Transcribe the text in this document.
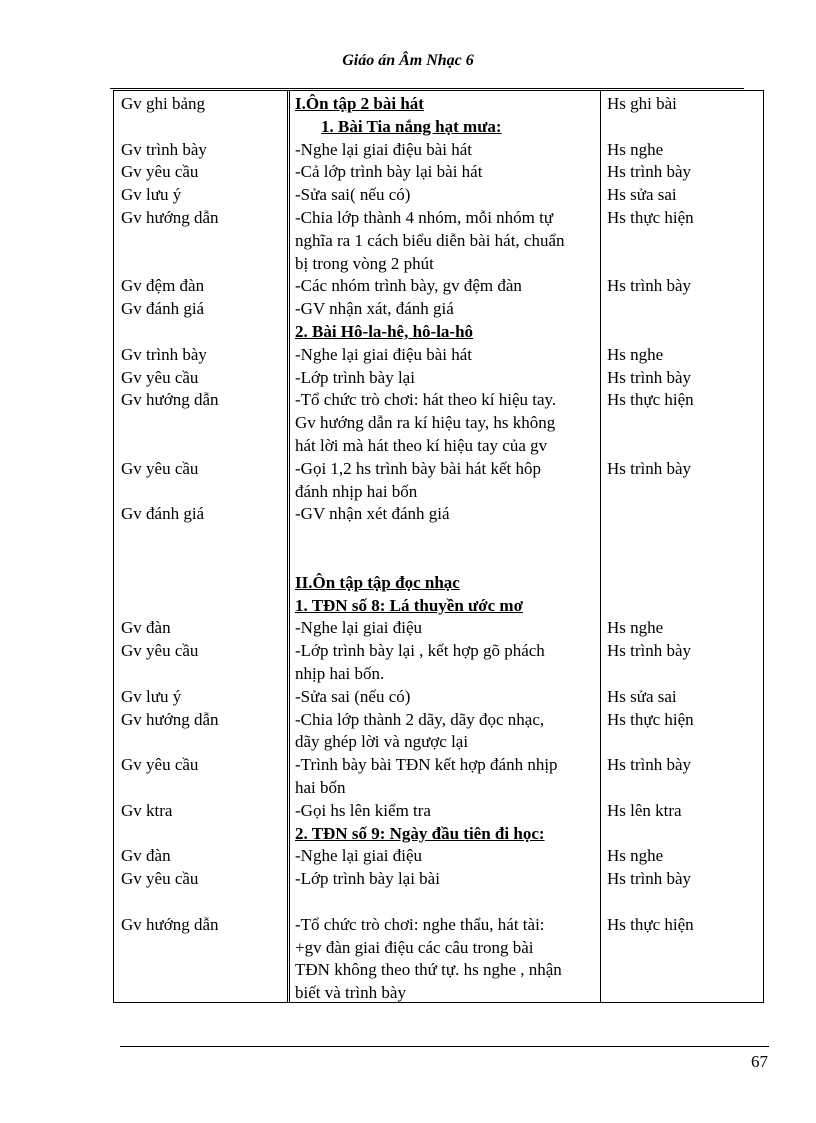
Giáo án Âm Nhạc 6
Gv ghi bảng	I.Ôn tập 2 bài hát	Hs ghi bài
1. Bài Tia nắng hạt mưa:
Gv trình bày	-Nghe lại giai điệu bài hát	Hs nghe
Gv yêu cầu	-Cả lớp trình bày lại bài hát	Hs trình bày
Gv lưu ý	-Sửa sai( nếu có)	Hs sửa sai
Gv hướng dẫn	-Chia lớp thành 4 nhóm, mỗi nhóm tự	Hs thực hiện
nghĩa ra 1 cách biểu diễn bài hát, chuẩn
bị trong vòng 2 phút
Gv đệm đàn	-Các nhóm trình bày, gv đệm đàn	Hs trình bày
Gv đánh giá	-GV nhận xát, đánh giá
2. Bài Hô-la-hê, hô-la-hô
Gv trình bày	-Nghe lại giai điệu bài hát	Hs nghe
Gv yêu cầu	-Lớp trình bày lại	Hs trình bày
Gv hướng dẫn	-Tổ chức trò chơi: hát theo kí hiệu tay.	Hs thực hiện
Gv hướng dẫn ra kí hiệu tay, hs không
hát lời mà hát theo kí hiệu tay của gv
Gv yêu cầu	-Gọi 1,2 hs trình bày bài hát kết hôp	Hs trình bày
đánh nhịp hai bốn
Gv đánh giá	-GV nhận xét đánh giá
II.Ôn tập tập đọc nhạc
1. TĐN số 8: Lá thuyền ước mơ
Gv đàn	-Nghe lại giai điệu	Hs nghe
Gv yêu cầu	-Lớp trình bày lại , kết hợp gõ phách	Hs trình bày
nhịp hai bốn.
Gv lưu ý	-Sửa sai (nếu có)	Hs sửa sai
Gv hướng dẫn	-Chia lớp thành 2 dãy, dãy đọc nhạc,	Hs thực hiện
dãy ghép lời và ngược lại
Gv yêu cầu	-Trình bày bài TĐN kết hợp đánh nhịp	Hs trình bày
hai bốn
Gv ktra	-Gọi hs lên kiểm tra	Hs lên ktra
2. TĐN số 9: Ngày đầu tiên đi học:
Gv đàn	-Nghe lại giai điệu	Hs nghe
Gv yêu cầu	-Lớp trình bày lại bài	Hs trình bày
Gv hướng dẫn	-Tổ chức trò chơi: nghe thẩu, hát tài:	Hs thực hiện
+gv đàn giai điệu các câu trong bài
TĐN không theo thứ tự. hs nghe , nhận
biết và trình bày
67
